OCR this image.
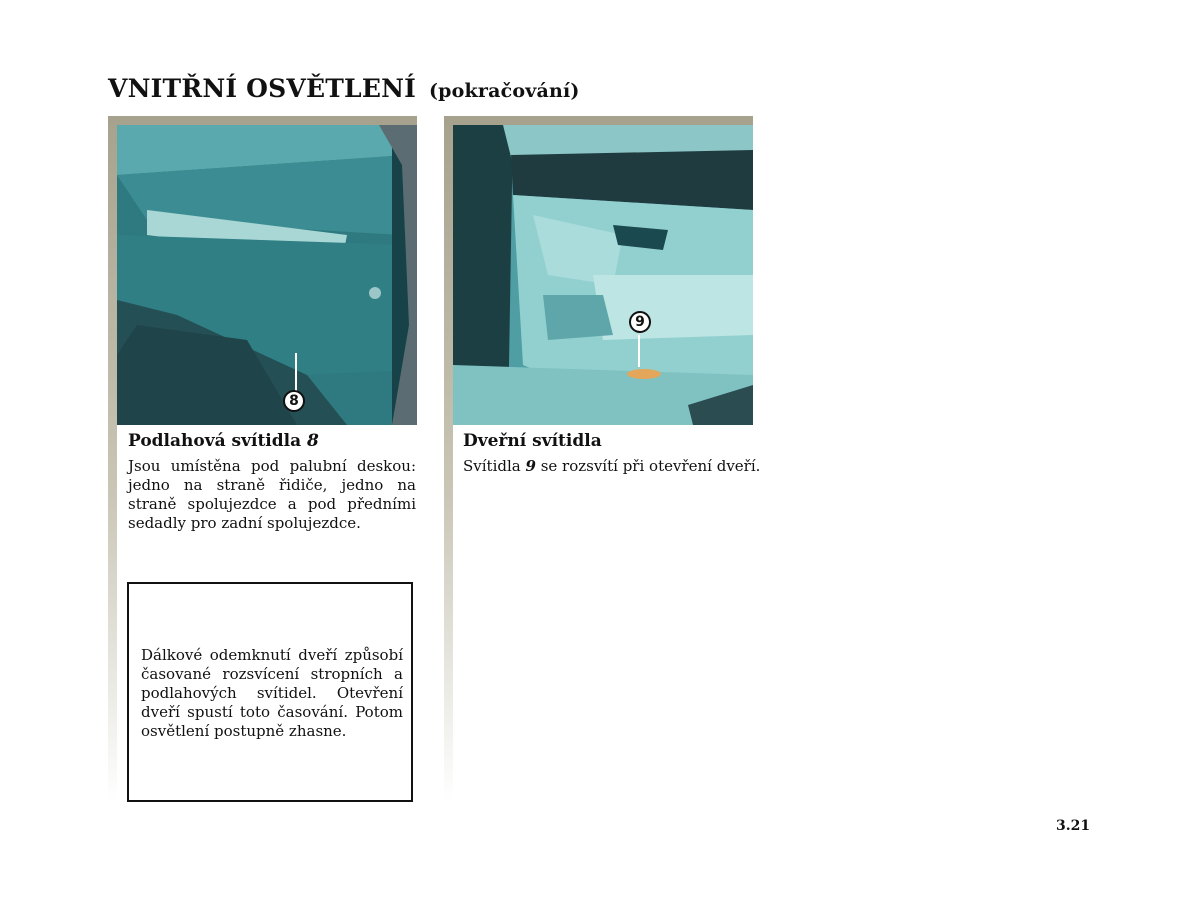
VNITŘNÍ OSVĚTLENÍ (pokračování)
8
9
Podlahová svítidla 8
Jsou umístěna pod palubní deskou: jedno na straně řidiče, jedno na straně spolujezdce a pod předními sedadly pro zadní spolujezdce.
Dveřní svítidla
Svítidla 9 se rozsvítí při otevření dveří.
Dálkové odemknutí dveří způsobí časované rozsvícení stropních a podlahových svítidel. Otevření dveří spustí toto časování. Potom osvětlení postupně zhasne.
3.21
